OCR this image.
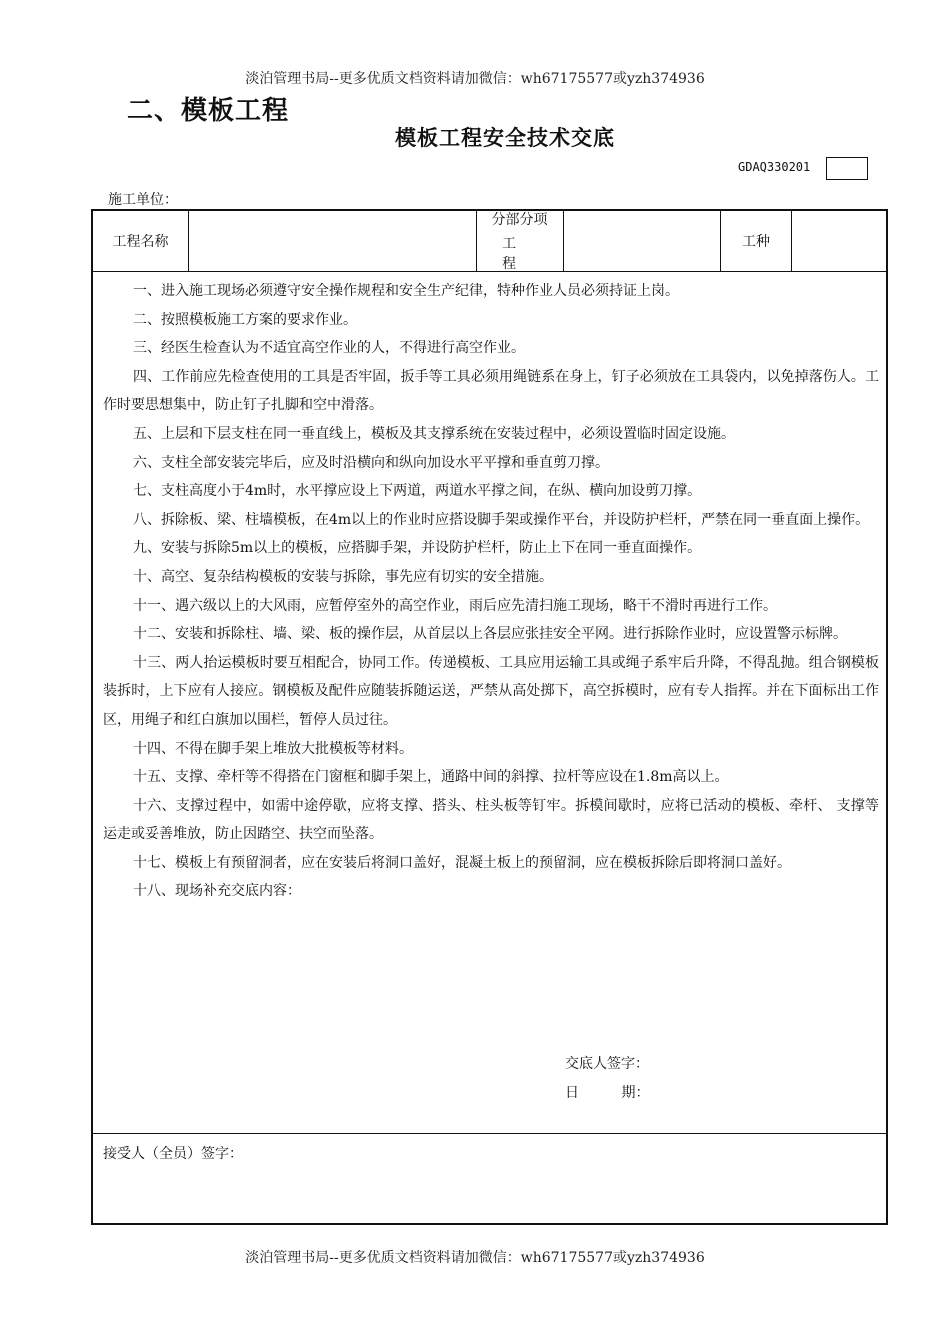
淡泊管理书局--更多优质文档资料请加微信：wh67175577或yzh374936
二、模板工程
模板工程安全技术交底
GDAQ330201
施工单位：
工程名称
分部分项
工程
工种

一、进入施工现场必须遵守安全操作规程和安全生产纪律，特种作业人员必须持证上岗。

二、按照模板施工方案的要求作业。

三、经医生检查认为不适宜高空作业的人，不得进行高空作业。

四、工作前应先检查使用的工具是否牢固，扳手等工具必须用绳链系在身上，钉子必须放在工具袋内，以免掉落伤人。工作时要思想集中，防止钉子扎脚和空中滑落。

五、上层和下层支柱在同一垂直线上，模板及其支撑系统在安装过程中，必须设置临时固定设施。

六、支柱全部安装完毕后，应及时沿横向和纵向加设水平平撑和垂直剪刀撑。

七、支柱高度小于4m时，水平撑应设上下两道，两道水平撑之间，在纵、横向加设剪刀撑。

八、拆除板、梁、柱墙模板，在4m以上的作业时应搭设脚手架或操作平台，并设防护栏杆，严禁在同一垂直面上操作。

九、安装与拆除5m以上的模板，应搭脚手架，并设防护栏杆，防止上下在同一垂直面操作。

十、高空、复杂结构模板的安装与拆除，事先应有切实的安全措施。

十一、遇六级以上的大风雨，应暂停室外的高空作业，雨后应先清扫施工现场，略干不滑时再进行工作。

十二、安装和拆除柱、墙、梁、板的操作层，从首层以上各层应张挂安全平网。进行拆除作业时，应设置警示标牌。

十三、两人抬运模板时要互相配合，协同工作。传递模板、工具应用运输工具或绳子系牢后升降，不得乱抛。组合钢模板装拆时，上下应有人接应。钢模板及配件应随装拆随运送，严禁从高处掷下，高空拆模时，应有专人指挥。并在下面标出工作区，用绳子和红白旗加以围栏，暂停人员过往。

十四、不得在脚手架上堆放大批模板等材料。

十五、支撑、牵杆等不得搭在门窗框和脚手架上，通路中间的斜撑、拉杆等应设在1.8m高以上。

十六、支撑过程中，如需中途停歇，应将支撑、搭头、柱头板等钉牢。拆模间歇时，应将已活动的模板、牵杆、 支撑等运走或妥善堆放，防止因踏空、扶空而坠落。

十七、模板上有预留洞者，应在安装后将洞口盖好，混凝土板上的预留洞，应在模板拆除后即将洞口盖好。

十八、现场补充交底内容：

交底人签字：
日 期：
接受人（全员）签字：
淡泊管理书局--更多优质文档资料请加微信：wh67175577或yzh374936
